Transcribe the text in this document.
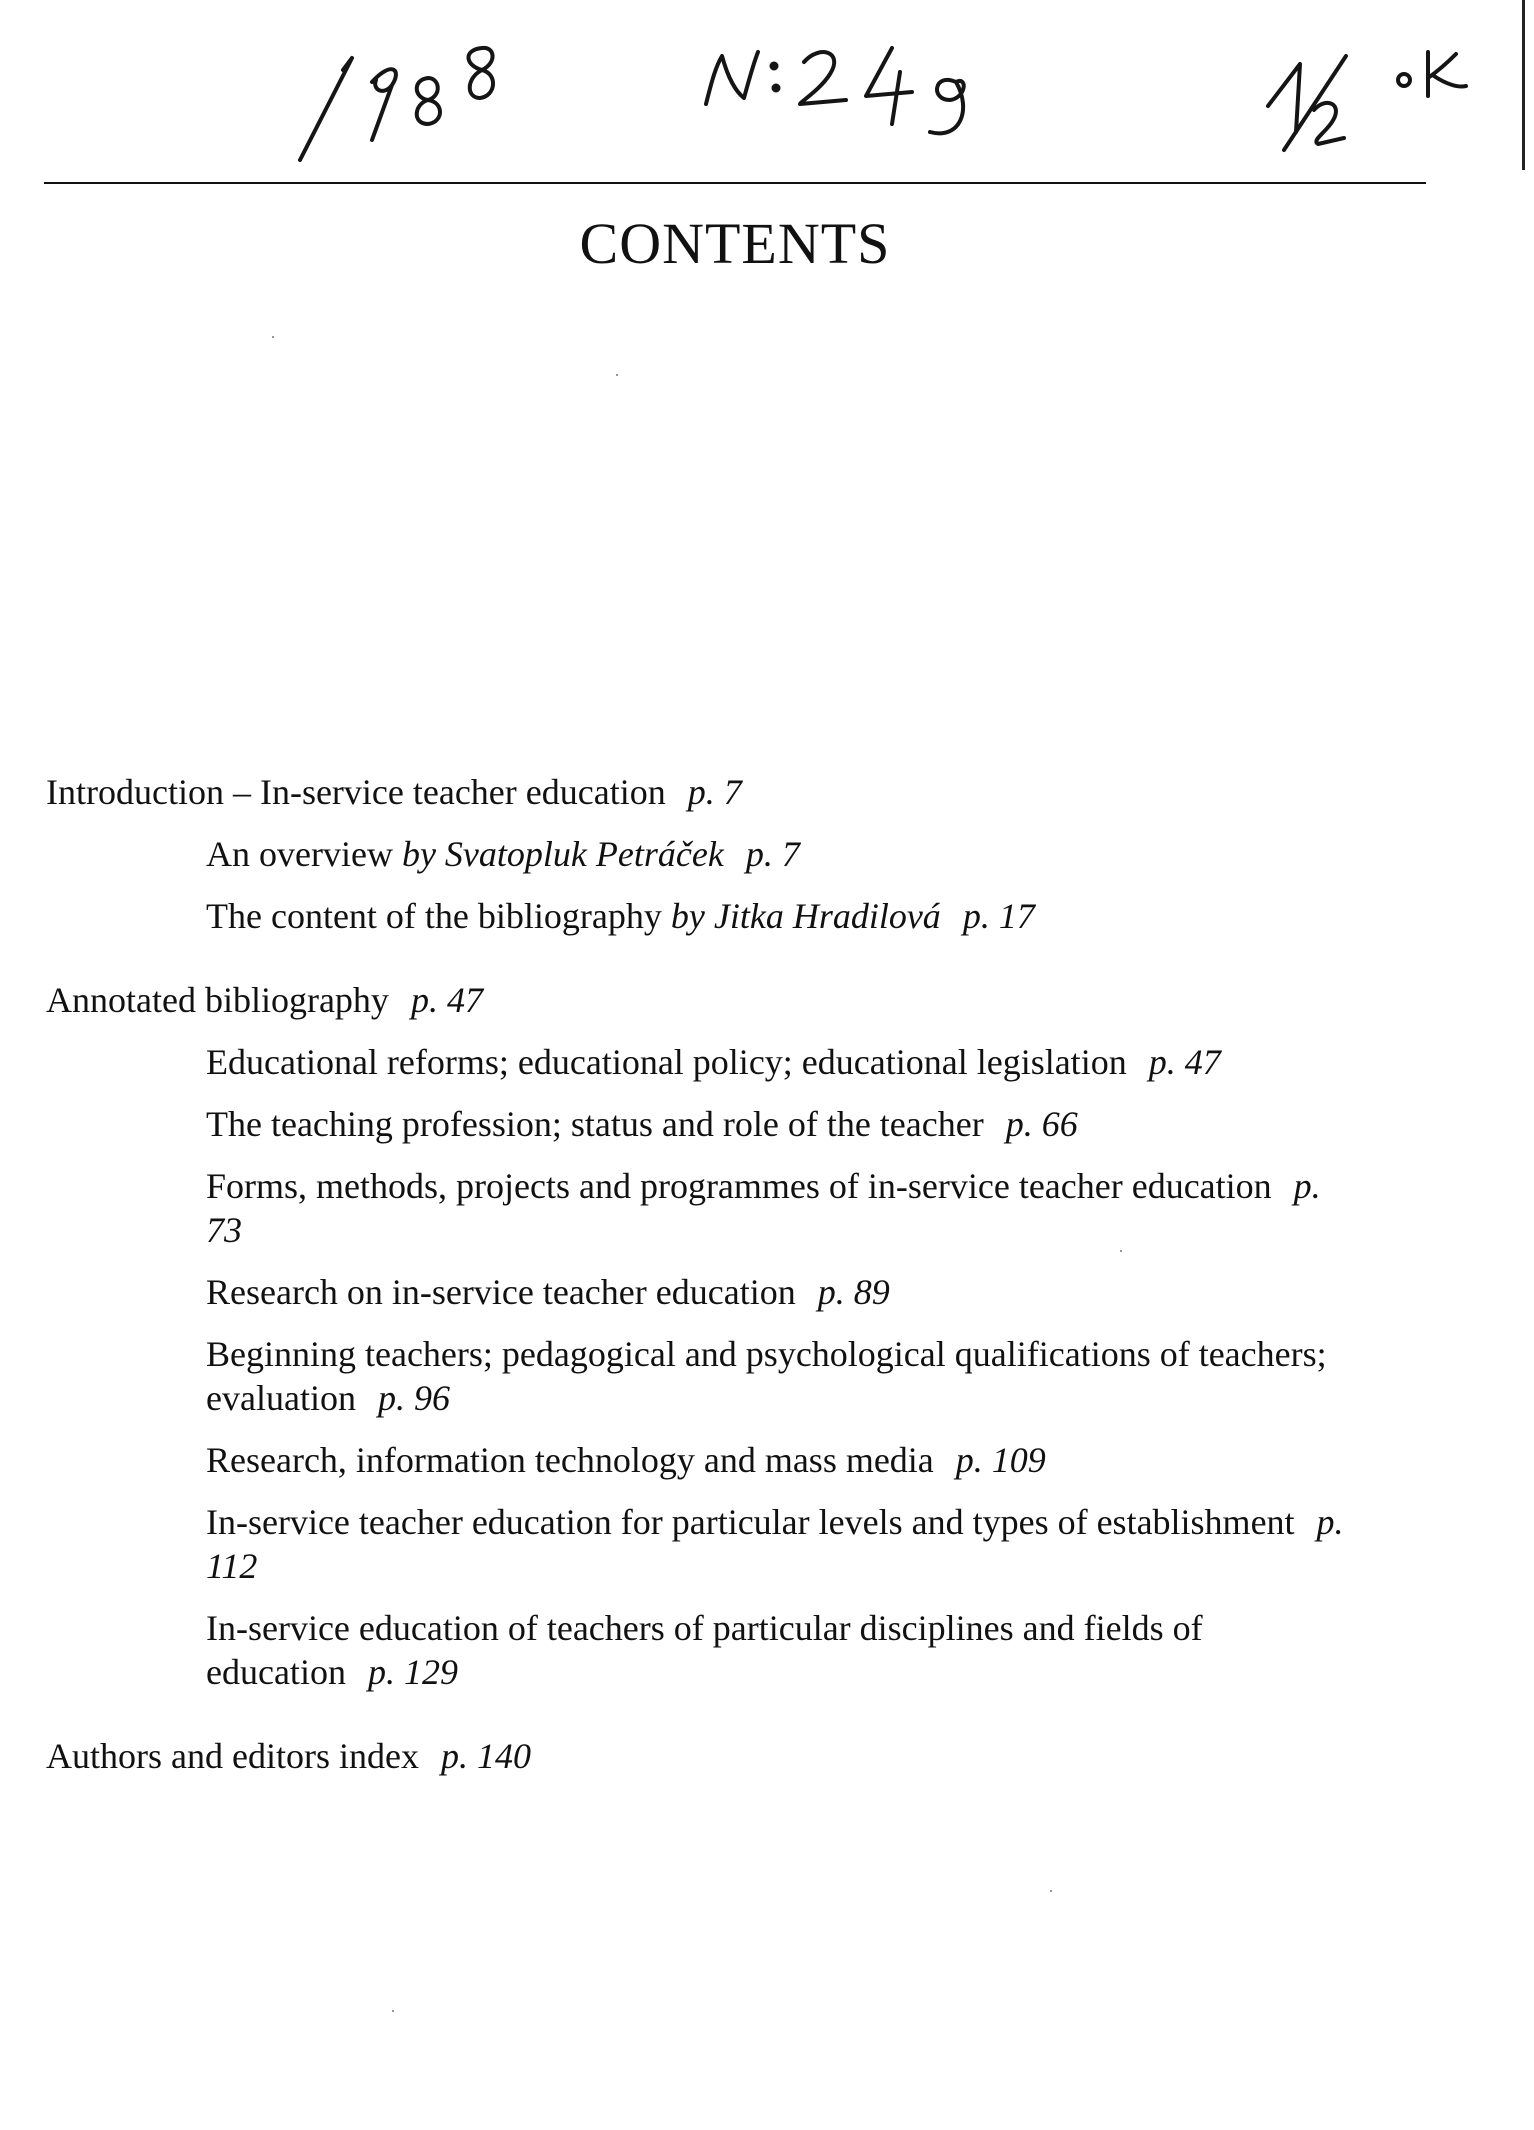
CONTENTS
Introduction – In-service teacher education p. 7
An overview by Svatopluk Petráček p. 7
The content of the bibliography by Jitka Hradilová p. 17
Annotated bibliography p. 47
Educational reforms; educational policy; educational legislation p. 47
The teaching profession; status and role of the teacher p. 66
Forms, methods, projects and programmes of in-service teacher education p. 73
Research on in-service teacher education p. 89
Beginning teachers; pedagogical and psychological qualifications of teachers; evaluation p. 96
Research, information technology and mass media p. 109
In-service teacher education for particular levels and types of establishment p. 112
In-service education of teachers of particular disciplines and fields of education p. 129
Authors and editors index p. 140
